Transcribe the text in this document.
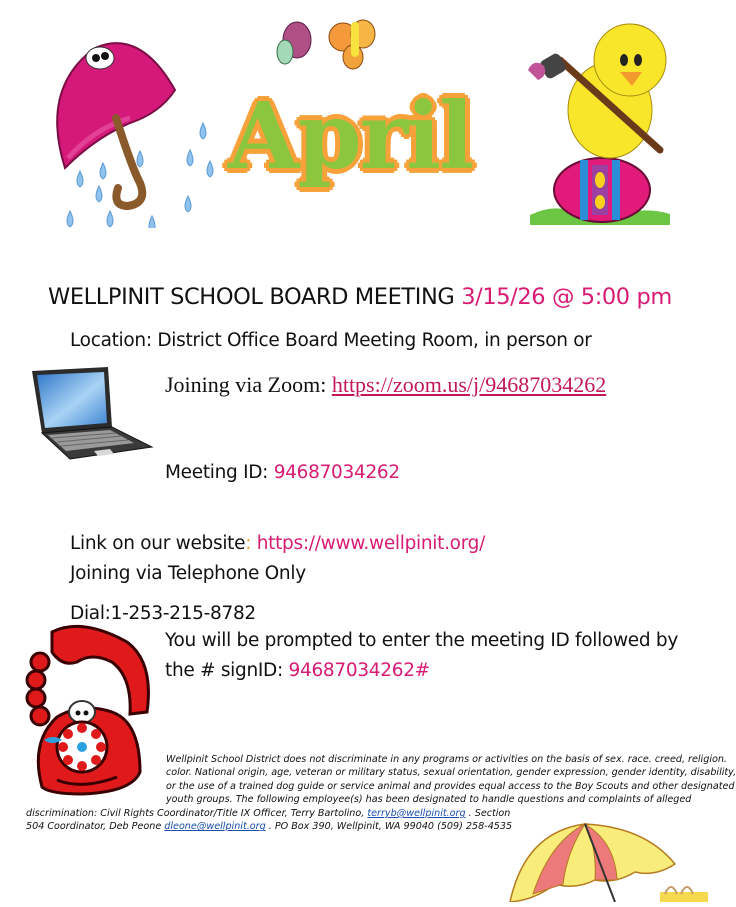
April
WELLPINIT SCHOOL BOARD MEETING 3/15/26 @ 5:00 pm
Location: District Office Board Meeting Room, in person or
Joining via Zoom: https://zoom.us/j/94687034262
Meeting ID: 94687034262
Link on our website: https://www.wellpinit.org/
Joining via Telephone Only
Dial:1-253-215-8782
You will be prompted to enter the meeting ID followed by
the # signID: 94687034262#
Wellpinit School District does not discriminate in any programs or activities on the basis of sex. race. creed, religion.
color. National origin, age, veteran or military status, sexual orientation, gender expression, gender identity, disability,
or the use of a trained dog guide or service animal and provides equal access to the Boy Scouts and other designated
youth groups. The following employee(s) has been designated to handle questions and complaints of alleged
discrimination: Civil Rights Coordinator/Title IX Officer, Terry Bartolino, terryb@wellpinit.org . Section
504 Coordinator, Deb Peone dleone@wellpinit.org . PO Box 390, Wellpinit, WA 99040 (509) 258-4535
